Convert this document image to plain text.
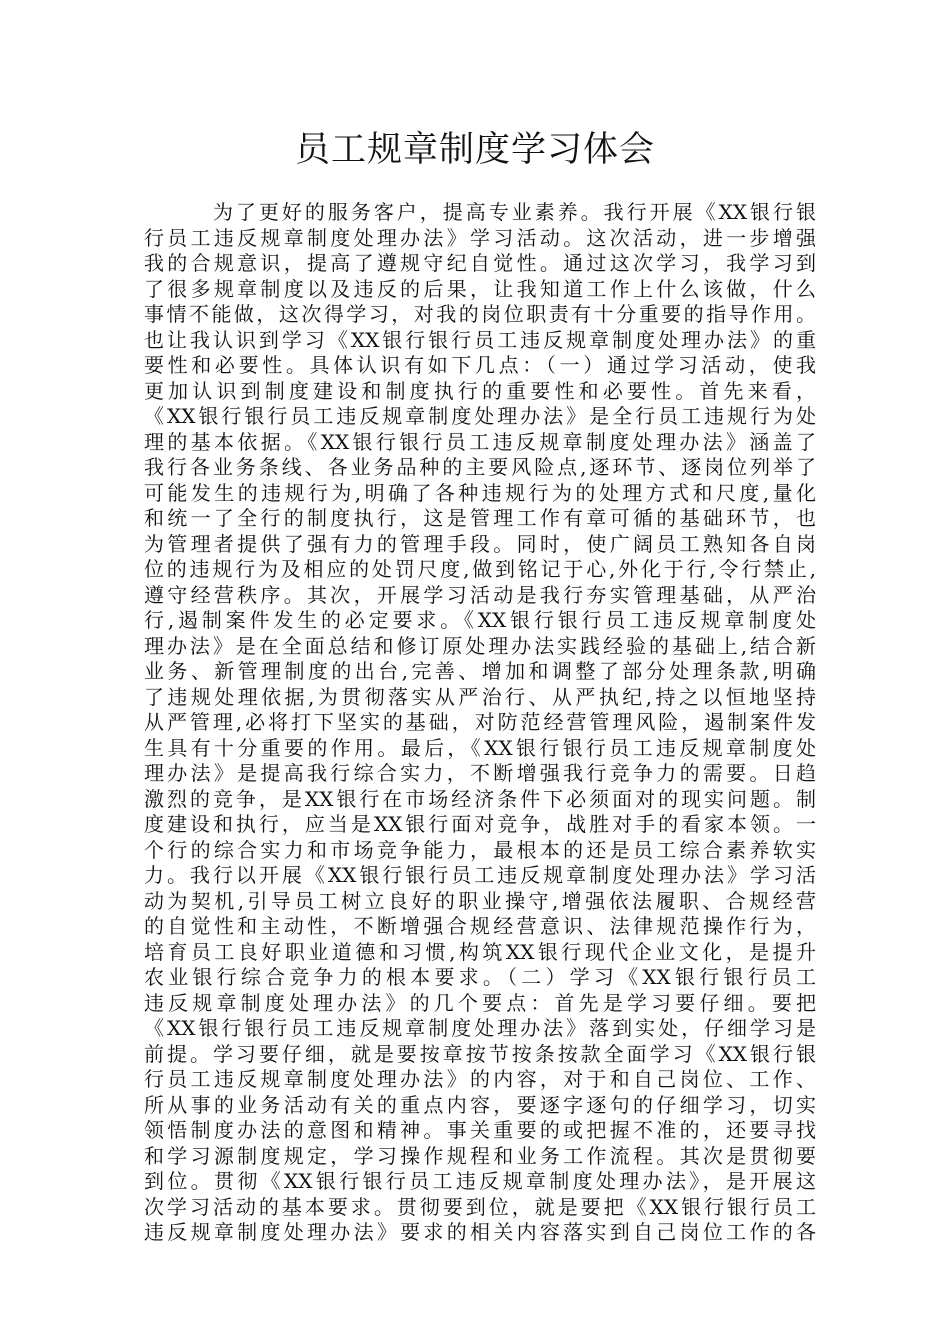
员工规章制度学习体会
　　　为了更好的服务客户，提高专业素养。我行开展《XX银行银
行员工违反规章制度处理办法》学习活动。这次活动，进一步增强
我的合规意识，提高了遵规守纪自觉性。通过这次学习，我学习到
了很多规章制度以及违反的后果，让我知道工作上什么该做，什么
事情不能做，这次得学习，对我的岗位职责有十分重要的指导作用。
也让我认识到学习《XX银行银行员工违反规章制度处理办法》的重
要性和必要性。具体认识有如下几点：（一）通过学习活动，使我
更加认识到制度建设和制度执行的重要性和必要性。首先来看，
《XX银行银行员工违反规章制度处理办法》是全行员工违规行为处
理的基本依据。《XX银行银行员工违反规章制度处理办法》涵盖了
我行各业务条线、各业务品种的主要风险点,逐环节、逐岗位列举了
可能发生的违规行为,明确了各种违规行为的处理方式和尺度,量化
和统一了全行的制度执行，这是管理工作有章可循的基础环节，也
为管理者提供了强有力的管理手段。同时，使广阔员工熟知各自岗
位的违规行为及相应的处罚尺度,做到铭记于心,外化于行,令行禁止,
遵守经营秩序。其次，开展学习活动是我行夯实管理基础，从严治
行,遏制案件发生的必定要求。《XX银行银行员工违反规章制度处
理办法》是在全面总结和修订原处理办法实践经验的基础上,结合新
业务、新管理制度的出台,完善、增加和调整了部分处理条款,明确
了违规处理依据,为贯彻落实从严治行、从严执纪,持之以恒地坚持
从严管理,必将打下坚实的基础，对防范经营管理风险，遏制案件发
生具有十分重要的作用。最后，《XX银行银行员工违反规章制度处
理办法》是提高我行综合实力，不断增强我行竞争力的需要。日趋
激烈的竞争，是XX银行在市场经济条件下必须面对的现实问题。制
度建设和执行，应当是XX银行面对竞争，战胜对手的看家本领。一
个行的综合实力和市场竞争能力，最根本的还是员工综合素养软实
力。我行以开展《XX银行银行员工违反规章制度处理办法》学习活
动为契机,引导员工树立良好的职业操守,增强依法履职、合规经营
的自觉性和主动性，不断增强合规经营意识、法律规范操作行为，
培育员工良好职业道德和习惯,构筑XX银行现代企业文化，是提升
农业银行综合竞争力的根本要求。（二）学习《XX银行银行员工
违反规章制度处理办法》的几个要点：首先是学习要仔细。要把
《XX银行银行员工违反规章制度处理办法》落到实处，仔细学习是
前提。学习要仔细，就是要按章按节按条按款全面学习《XX银行银
行员工违反规章制度处理办法》的内容，对于和自己岗位、工作、
所从事的业务活动有关的重点内容，要逐字逐句的仔细学习，切实
领悟制度办法的意图和精神。事关重要的或把握不准的，还要寻找
和学习源制度规定，学习操作规程和业务工作流程。其次是贯彻要
到位。贯彻《XX银行银行员工违反规章制度处理办法》，是开展这
次学习活动的基本要求。贯彻要到位，就是要把《XX银行银行员工
违反规章制度处理办法》要求的相关内容落实到自己岗位工作的各
